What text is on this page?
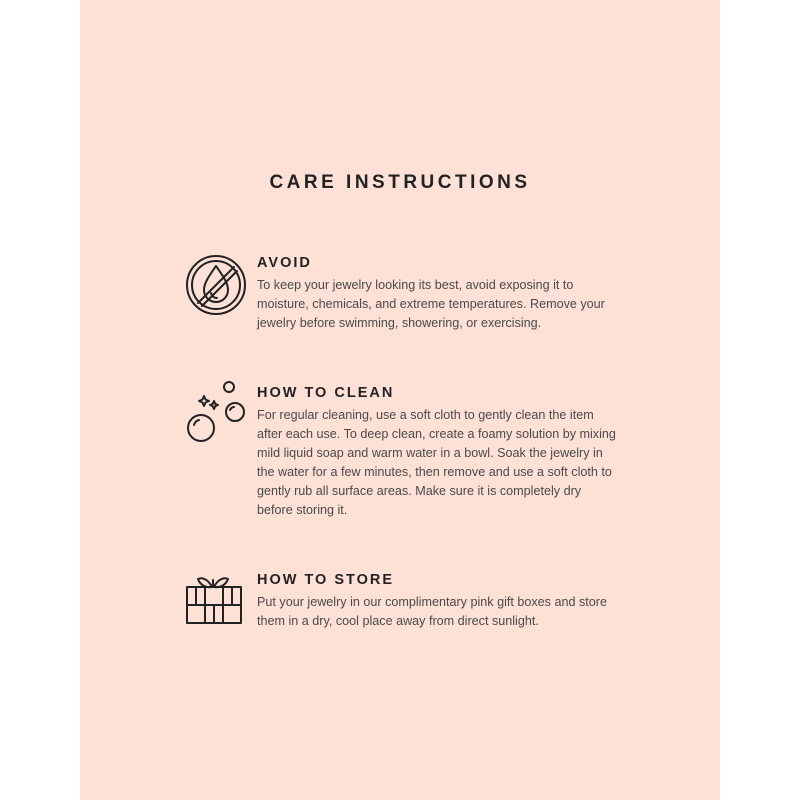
CARE INSTRUCTIONS
AVOID

To keep your jewelry looking its best, avoid exposing it to moisture, chemicals, and extreme temperatures. Remove your jewelry before swimming, showering, or exercising.

HOW TO CLEAN

For regular cleaning, use a soft cloth to gently clean the item after each use. To deep clean, create a foamy solution by mixing mild liquid soap and warm water in a bowl. Soak the jewelry in the water for a few minutes, then remove and use a soft cloth to gently rub all surface areas. Make sure it is completely dry before storing it.

HOW TO STORE

Put your jewelry in our complimentary pink gift boxes and store them in a dry, cool place away from direct sunlight.
